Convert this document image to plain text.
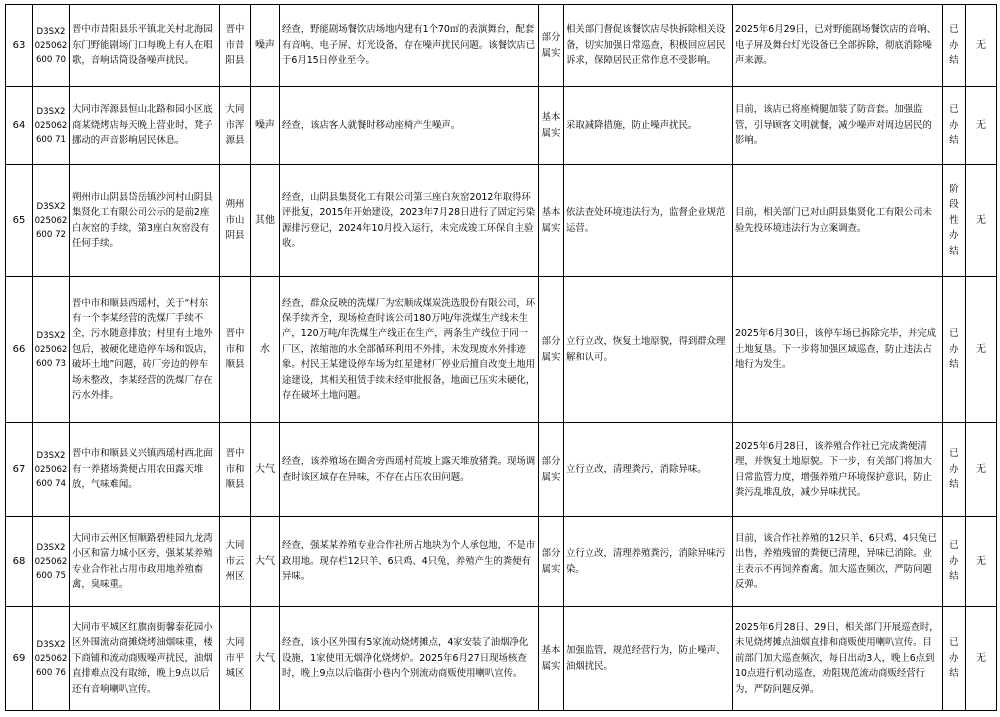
63	D3SX2025062600 70	晋中市昔阳县乐平镇北关村北海园东门野能剧场门口每晚上有人在唱歌，音响话筒设备噪声扰民。	晋中市昔阳县	噪声	经查，野能剧场餐饮店场地内建有1个70㎡的表演舞台，配套有音响、电子屏、灯光设备，存在噪声扰民问题。该餐饮店已于6月15日停业至今。	部分属实	相关部门督促该餐饮店尽快拆除相关设备，切实加强日常巡查，积极回应居民诉求，保障居民正常作息不受影响。	2025年6月29日，已对野能剧场餐饮店的音响、电子屏及舞台灯光设备已全部拆除，彻底消除噪声来源。	已办结	无
64	D3SX2025062600 71	大同市浑源县恒山北路和园小区底商某烧烤店每天晚上营业时，凳子挪动的声音影响居民休息。	大同市浑源县	噪声	经查，该店客人就餐时移动座椅产生噪声。	基本属实	采取减降措施，防止噪声扰民。	目前，该店已将座椅腿加装了防音套。加强监管，引导顾客文明就餐，减少噪声对周边居民的影响。	已办结	无
65	D3SX2025062600 72	朔州市山阴县岱岳镇沙河村山阴县集贤化工有限公司公示的是前2座白灰窑的手续，第3座白灰窑没有任何手续。	朔州市山阴县	其他	经查，山阴县集贤化工有限公司第三座白灰窑2012年取得环评批复，2015年开始建设，2023年7月28日进行了固定污染源排污登记，2024年10月投入运行，未完成竣工环保自主验收。	基本属实	依法查处环境违法行为，监督企业规范运营。	目前，相关部门已对山阴县集贤化工有限公司未验先投环境违法行为立案调查。	阶段性办结	无
66	D3SX2025062600 73	晋中市和顺县西瑶村，关于“村东有一个李某经营的洗煤厂手续不全，污水随意排放；村里有土地外包后，被硬化建造停车场和饭店，破坏土地”问题，砖厂旁边的停车场未整改，李某经营的洗煤厂存在污水外排。	晋中市和顺县	水	经查，群众反映的洗煤厂为宏顺成煤炭洗选股份有限公司，环保手续齐全，现场检查时该公司180万吨/年洗煤生产线未生产，120万吨/年洗煤生产线正在生产，两条生产线位于同一厂区，浓缩池的水全部循环利用不外排，未发现废水外排迹象。村民王某建设停车场为红星建材厂停业后擅自改变土地用途建设，其相关租赁手续未经审批报备，地面已压实未硬化，存在破坏土地问题。	部分属实	立行立改，恢复土地原貌，得到群众理解和认可。	2025年6月30日，该停车场已拆除完毕，并完成土地复垦。下一步将加强区域巡查，防止违法占地行为发生。	已办结	无
67	D3SX2025062600 74	晋中市和顺县义兴镇西瑶村西北面有一养猪场粪便占用农田露天堆放，气味难闻。	晋中市和顺县	大气	经查，该养殖场在圈舍旁西瑶村荒坡上露天堆放猪粪。现场调查时该区域存在异味，不存在占压农田问题。	部分属实	立行立改，清理粪污，消除异味。	2025年6月28日，该养殖合作社已完成粪便清理，并恢复土地原貌。下一步，有关部门将加大日常监管力度，增强养殖户环境保护意识，防止粪污乱堆乱放，减少异味扰民。	已办结	无
68	D3SX2025062600 75	大同市云州区恒顺路碧桂园九龙湾小区和富力城小区旁，强某某养殖专业合作社占用市政用地养殖畜禽，臭味重。	大同市云州区	大气	经查，强某某养殖专业合作社所占地块为个人承包地，不是市政用地。现存栏12只羊、6只鸡、4只兔，养殖产生的粪便有异味。	部分属实	立行立改，清理养殖粪污，消除异味污染。	目前，该合作社养殖的12只羊、6只鸡、4只兔已出售，养殖残留的粪便已清理，异味已消除。业主表示不再饲养畜禽。加大巡查频次，严防问题反弹。	已办结	无
69	D3SX2025062600 76	大同市平城区红旗南街馨泰花园小区外围流动商摊烧烤油烟味重，楼下商铺和流动商贩噪声扰民，油烟直排难点没有取缔，晚上9点以后还有音响喇叭宣传。	大同市平城区	大气	经查，该小区外围有5家流动烧烤摊点，4家安装了油烟净化设施，1家使用无烟净化烧烤炉。2025年6月27日现场核查时，晚上9点以后临街小巷内个别流动商贩使用喇叭宣传。	基本属实	加强监管，规范经营行为，防止噪声、油烟扰民。	2025年6月28日、29日，相关部门开展巡查时，未见烧烤摊点油烟直排和商贩使用喇叭宣传。目前部门加大巡查频次，每日出动3人，晚上6点到10点进行机动巡查，劝阻规范流动商贩经营行为，严防问题反弹。	已办结	无
